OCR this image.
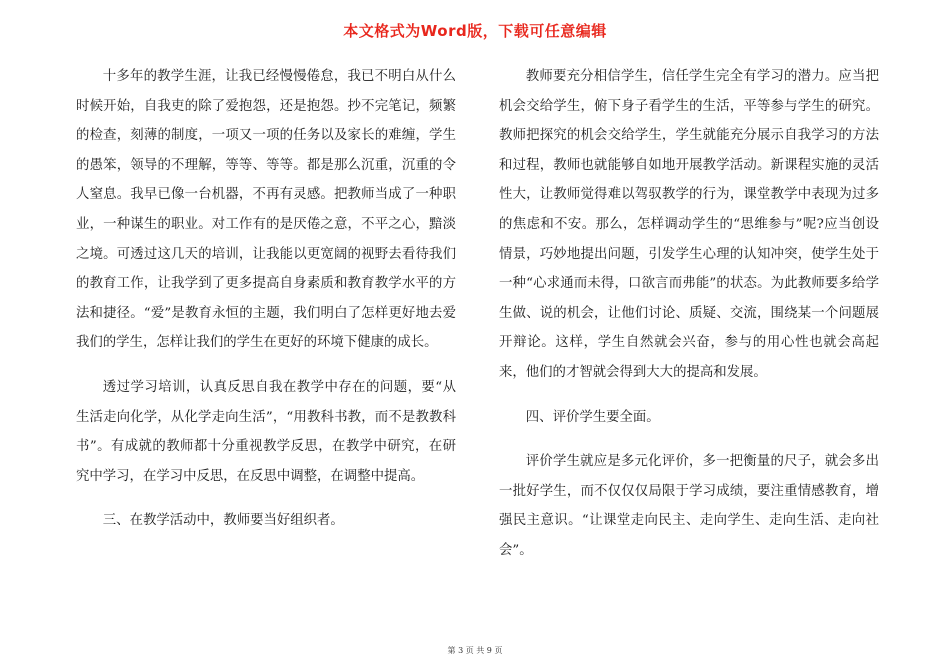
本文格式为Word版，下载可任意编辑

十多年的教学生涯，让我已经慢慢倦怠，我已不明白从什么时候开始，自我吏的除了爱抱怨，还是抱怨。抄不完笔记，频繁的检查，刻薄的制度，一项又一项的任务以及家长的难缠，学生的愚笨，领导的不理解，等等、等等。都是那么沉重，沉重的令人窒息。我早已像一台机器，不再有灵感。把教师当成了一种职业，一种谋生的职业。对工作有的是厌倦之意，不平之心，黯淡之境。可透过这几天的培训，让我能以更宽阔的视野去看待我们的教育工作，让我学到了更多提高自身素质和教育教学水平的方法和捷径。“爱”是教育永恒的主题，我们明白了怎样更好地去爱我们的学生，怎样让我们的学生在更好的环境下健康的成长。

透过学习培训，认真反思自我在教学中存在的问题，要“从生活走向化学，从化学走向生活”，“用教科书教，而不是教教科书”。有成就的教师都十分重视教学反思，在教学中研究，在研究中学习，在学习中反思，在反思中调整，在调整中提高。

三、在教学活动中，教师要当好组织者。

教师要充分相信学生，信任学生完全有学习的潜力。应当把机会交给学生，俯下身子看学生的生活，平等参与学生的研究。教师把探究的机会交给学生，学生就能充分展示自我学习的方法和过程，教师也就能够自如地开展教学活动。新课程实施的灵活性大，让教师觉得难以驾驭教学的行为，课堂教学中表现为过多的焦虑和不安。那么，怎样调动学生的“思维参与”呢?应当创设情景，巧妙地提出问题，引发学生心理的认知冲突，使学生处于一种“心求通而未得，口欲言而弗能”的状态。为此教师要多给学生做、说的机会，让他们讨论、质疑、交流，围绕某一个问题展开辩论。这样，学生自然就会兴奋，参与的用心性也就会高起来，他们的才智就会得到大大的提高和发展。

四、评价学生要全面。

评价学生就应是多元化评价，多一把衡量的尺子，就会多出一批好学生，而不仅仅仅局限于学习成绩，要注重情感教育，增强民主意识。“让课堂走向民主、走向学生、走向生活、走向社会”。

第 3 页 共 9 页
